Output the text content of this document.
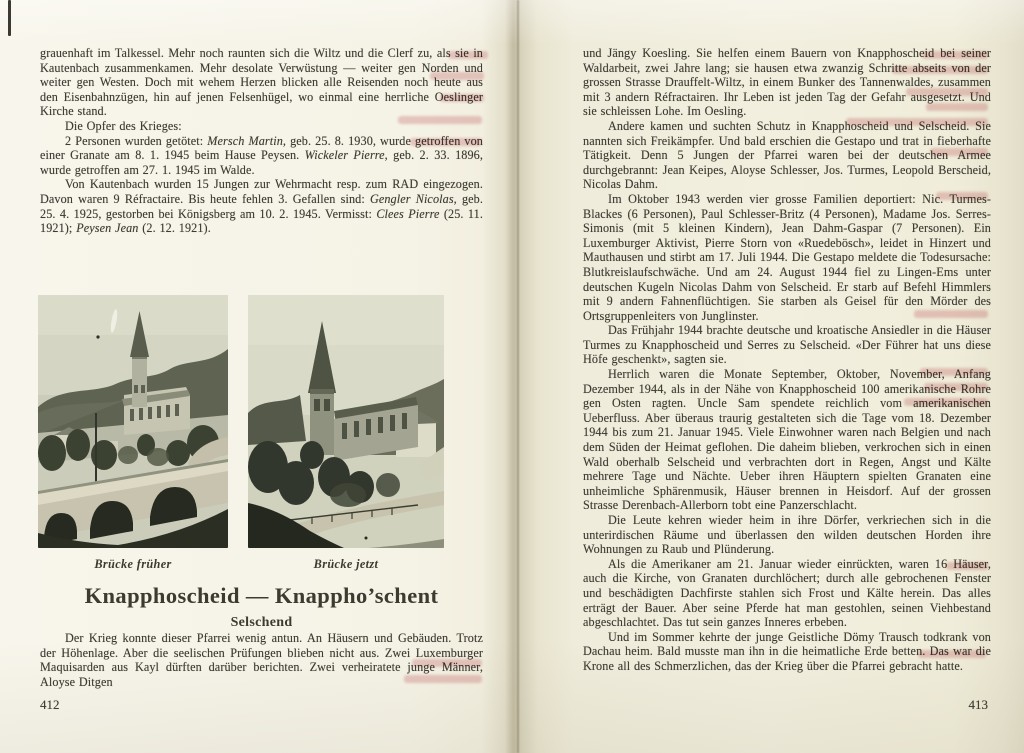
grauenhaft im Talkessel. Mehr noch raunten sich die Wiltz und die Clerf zu, als sie in Kautenbach zusammenkamen. Mehr desolate Verwüstung — weiter gen Norden und weiter gen Westen. Doch mit wehem Herzen blicken alle Reisenden noch heute aus den Eisenbahnzügen, hin auf jenen Felsenhügel, wo einmal eine herrliche Oeslinger Kirche stand.

Die Opfer des Krieges:

2 Personen wurden getötet: Mersch Martin, geb. 25. 8. 1930, wurde getroffen von einer Granate am 8. 1. 1945 beim Hause Peysen. Wickeler Pierre, geb. 2. 33. 1896, wurde getroffen am 27. 1. 1945 im Walde.

Von Kautenbach wurden 15 Jungen zur Wehrmacht resp. zum RAD eingezogen. Davon waren 9 Réfractaire. Bis heute fehlen 3. Gefallen sind: Gengler Nicolas, geb. 25. 4. 1925, gestorben bei Königsberg am 10. 2. 1945. Vermisst: Clees Pierre (25. 11. 1921); Peysen Jean (2. 12. 1921).

Brücke früher	Brücke jetzt
Knapphoscheid — Knappho’schent
Selschend

Der Krieg konnte dieser Pfarrei wenig antun. An Häusern und Gebäuden. Trotz der Höhenlage. Aber die seelischen Prüfungen blieben nicht aus. Zwei Luxemburger Maquisarden aus Kayl dürften darüber berichten. Zwei verheiratete junge Männer, Aloyse Ditgen

412

und Jängy Koesling. Sie helfen einem Bauern von Knapphoscheid bei seiner Waldarbeit, zwei Jahre lang; sie hausen etwa zwanzig Schritte abseits von der grossen Strasse Drauffelt-Wiltz, in einem Bunker des Tannenwaldes, zusammen mit 3 andern Réfractairen. Ihr Leben ist jeden Tag der Gefahr ausgesetzt. Und sie schleissen Lohe. Im Oesling.

Andere kamen und suchten Schutz in Knapphoscheid und Selscheid. Sie nannten sich Freikämpfer. Und bald erschien die Gestapo und trat in fieberhafte Tätigkeit. Denn 5 Jungen der Pfarrei waren bei der deutschen Armee durchgebrannt: Jean Keipes, Aloyse Schlesser, Jos. Turmes, Leopold Berscheid, Nicolas Dahm.

Im Oktober 1943 werden vier grosse Familien deportiert: Nic. Turmes-Blackes (6 Personen), Paul Schlesser-Britz (4 Personen), Madame Jos. Serres-Simonis (mit 5 kleinen Kindern), Jean Dahm-Gaspar (7 Personen). Ein Luxemburger Aktivist, Pierre Storn von «Ruedebösch», leidet in Hinzert und Mauthausen und stirbt am 17. Juli 1944. Die Gestapo meldete die Todesursache: Blutkreislaufschwäche. Und am 24. August 1944 fiel zu Lingen-Ems unter deutschen Kugeln Nicolas Dahm von Selscheid. Er starb auf Befehl Himmlers mit 9 andern Fahnenflüchtigen. Sie starben als Geisel für den Mörder des Ortsgruppenleiters von Junglinster.

Das Frühjahr 1944 brachte deutsche und kroatische Ansiedler in die Häuser Turmes zu Knapphoscheid und Serres zu Selscheid. «Der Führer hat uns diese Höfe geschenkt», sagten sie.

Herrlich waren die Monate September, Oktober, November, Anfang Dezember 1944, als in der Nähe von Knapphoscheid 100 amerikanische Rohre gen Osten ragten. Uncle Sam spendete reichlich vom amerikanischen Ueberfluss. Aber überaus traurig gestalteten sich die Tage vom 18. Dezember 1944 bis zum 21. Januar 1945. Viele Einwohner waren nach Belgien und nach dem Süden der Heimat geflohen. Die daheim blieben, verkrochen sich in einen Wald oberhalb Selscheid und verbrachten dort in Regen, Angst und Kälte mehrere Tage und Nächte. Ueber ihren Häuptern spielten Granaten eine unheimliche Sphärenmusik, Häuser brennen in Heisdorf. Auf der grossen Strasse Derenbach-Allerborn tobt eine Panzerschlacht.

Die Leute kehren wieder heim in ihre Dörfer, verkriechen sich in die unterirdischen Räume und überlassen den wilden deutschen Horden ihre Wohnungen zu Raub und Plünderung.

Als die Amerikaner am 21. Januar wieder einrückten, waren 16 Häuser, auch die Kirche, von Granaten durchlöchert; durch alle gebrochenen Fenster und beschädigten Dachfirste stahlen sich Frost und Kälte herein. Das alles erträgt der Bauer. Aber seine Pferde hat man gestohlen, seinen Viehbestand abgeschlachtet. Das tut sein ganzes Inneres erbeben.

Und im Sommer kehrte der junge Geistliche Dömy Trausch todkrank von Dachau heim. Bald musste man ihn in die heimatliche Erde betten. Das war die Krone all des Schmerzlichen, das der Krieg über die Pfarrei gebracht hatte.

413
